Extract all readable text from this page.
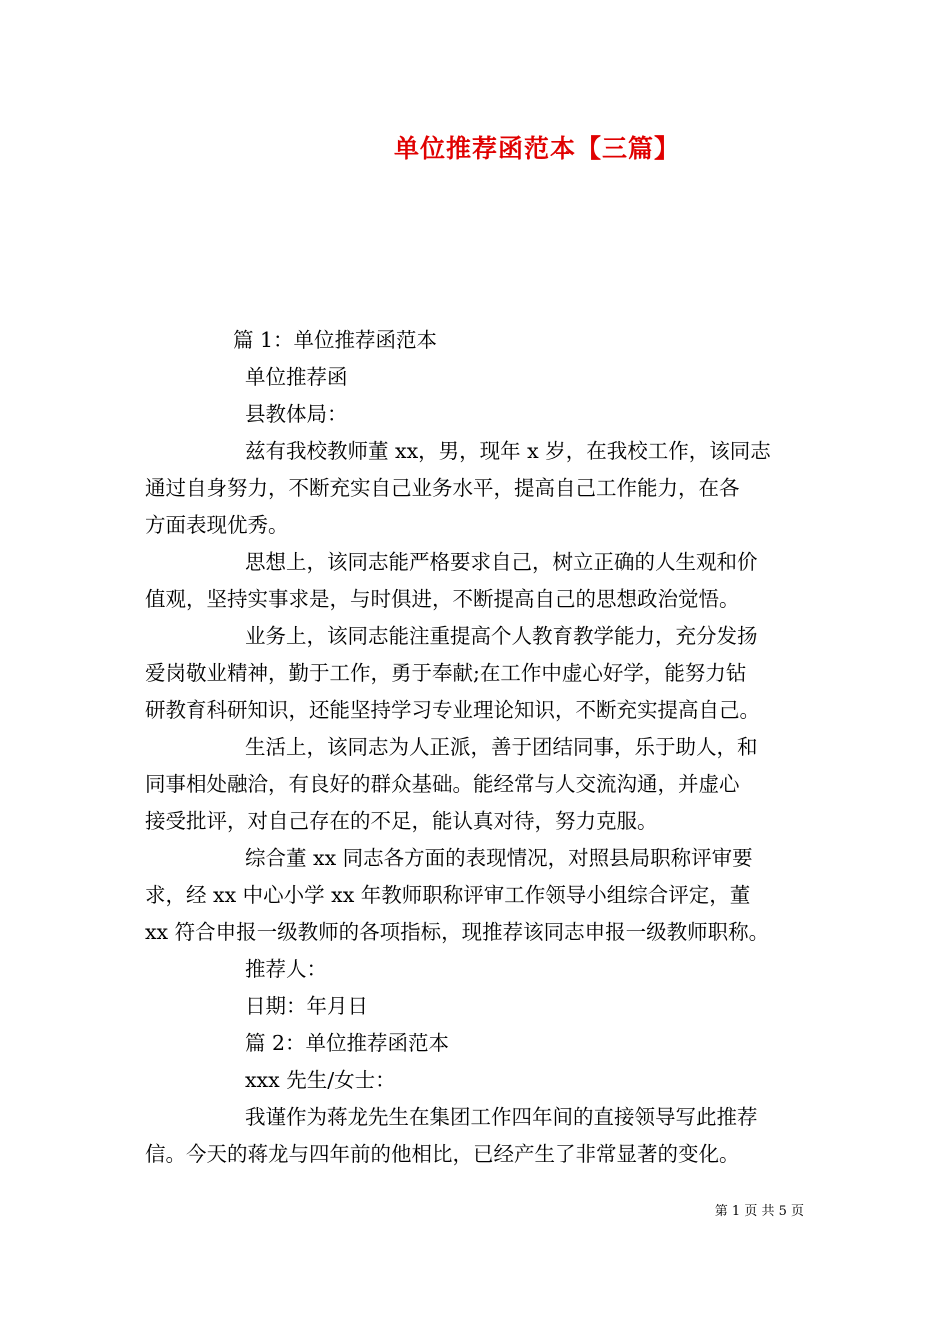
单位推荐函范本【三篇】
篇 1：单位推荐函范本
单位推荐函
县教体局：
兹有我校教师董 xx，男，现年 x 岁，在我校工作，该同志
通过自身努力，不断充实自己业务水平，提高自己工作能力，在各
方面表现优秀。
思想上，该同志能严格要求自己，树立正确的人生观和价
值观，坚持实事求是，与时俱进，不断提高自己的思想政治觉悟。
业务上，该同志能注重提高个人教育教学能力，充分发扬
爱岗敬业精神，勤于工作，勇于奉献;在工作中虚心好学，能努力钻
研教育科研知识，还能坚持学习专业理论知识，不断充实提高自己。
生活上，该同志为人正派，善于团结同事，乐于助人，和
同事相处融洽，有良好的群众基础。能经常与人交流沟通，并虚心
接受批评，对自己存在的不足，能认真对待，努力克服。
综合董 xx 同志各方面的表现情况，对照县局职称评审要
求，经 xx 中心小学 xx 年教师职称评审工作领导小组综合评定，董
xx 符合申报一级教师的各项指标，现推荐该同志申报一级教师职称。
推荐人：
日期：年月日
篇 2：单位推荐函范本
xxx 先生/女士：
我谨作为蒋龙先生在集团工作四年间的直接领导写此推荐
信。今天的蒋龙与四年前的他相比，已经产生了非常显著的变化。
第 1 页 共 5 页
